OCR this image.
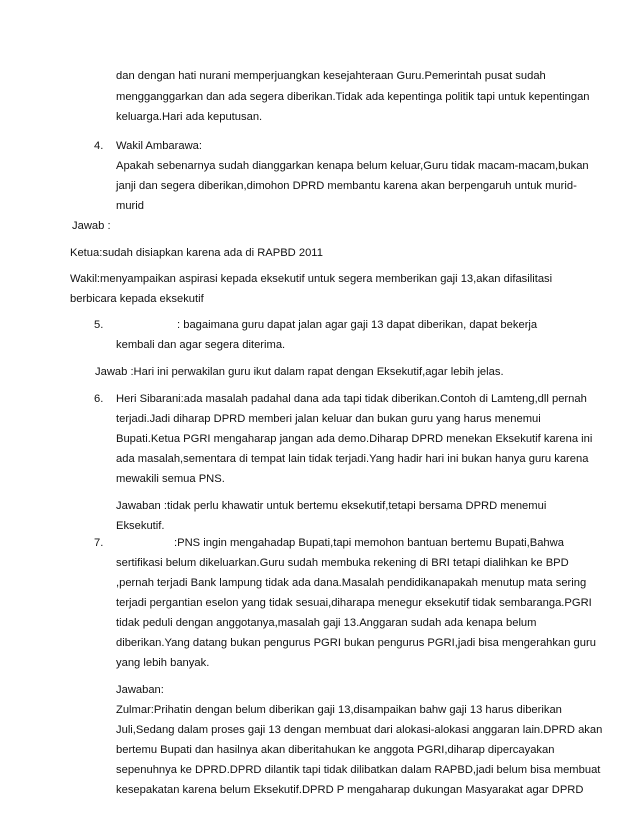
dan dengan hati nurani memperjuangkan kesejahteraan Guru.Pemerintah pusat sudah
mengganggarkan dan ada segera diberikan.Tidak ada kepentinga politik tapi untuk kepentingan
keluarga.Hari ada keputusan.
4. Wakil Ambarawa:
Apakah sebenarnya sudah dianggarkan kenapa belum keluar,Guru tidak macam-macam,bukan
janji dan segera diberikan,dimohon DPRD membantu karena akan berpengaruh untuk murid-
murid
Jawab :
Ketua:sudah disiapkan karena ada di RAPBD 2011
Wakil:menyampaikan aspirasi kepada eksekutif untuk segera memberikan gaji 13,akan difasilitasi
berbicara kepada eksekutif
5.	: bagaimana guru dapat jalan agar gaji 13 dapat diberikan, dapat bekerja
kembali dan agar segera diterima.
Jawab :Hari ini perwakilan guru ikut dalam rapat dengan Eksekutif,agar lebih jelas.
6. Heri Sibarani:ada masalah padahal dana ada tapi tidak diberikan.Contoh di Lamteng,dll pernah
terjadi.Jadi diharap DPRD memberi jalan keluar dan bukan guru yang harus menemui
Bupati.Ketua PGRI mengaharap jangan ada demo.Diharap DPRD menekan Eksekutif karena ini
ada masalah,sementara di tempat lain tidak terjadi.Yang hadir hari ini bukan hanya guru karena
mewakili semua PNS.
Jawaban :tidak perlu khawatir untuk bertemu eksekutif,tetapi bersama DPRD menemui
Eksekutif.
7.	:PNS ingin mengahadap Bupati,tapi memohon bantuan bertemu Bupati,Bahwa
sertifikasi belum dikeluarkan.Guru sudah membuka rekening di BRI tetapi dialihkan ke BPD
,pernah terjadi Bank lampung tidak ada dana.Masalah pendidikanapakah menutup mata sering
terjadi pergantian eselon yang tidak sesuai,diharapa menegur eksekutif tidak sembaranga.PGRI
tidak peduli dengan anggotanya,masalah gaji 13.Anggaran sudah ada kenapa belum
diberikan.Yang datang bukan pengurus PGRI bukan pengurus PGRI,jadi bisa mengerahkan guru
yang lebih banyak.
Jawaban:
Zulmar:Prihatin dengan belum diberikan gaji 13,disampaikan bahw gaji 13 harus diberikan
Juli,Sedang dalam proses gaji 13 dengan membuat dari alokasi-alokasi anggaran lain.DPRD akan
bertemu Bupati dan hasilnya akan diberitahukan ke anggota PGRI,diharap dipercayakan
sepenuhnya ke DPRD.DPRD dilantik tapi tidak dilibatkan dalam RAPBD,jadi belum bisa membuat
kesepakatan karena belum Eksekutif.DPRD P mengaharap dukungan Masyarakat agar DPRD
